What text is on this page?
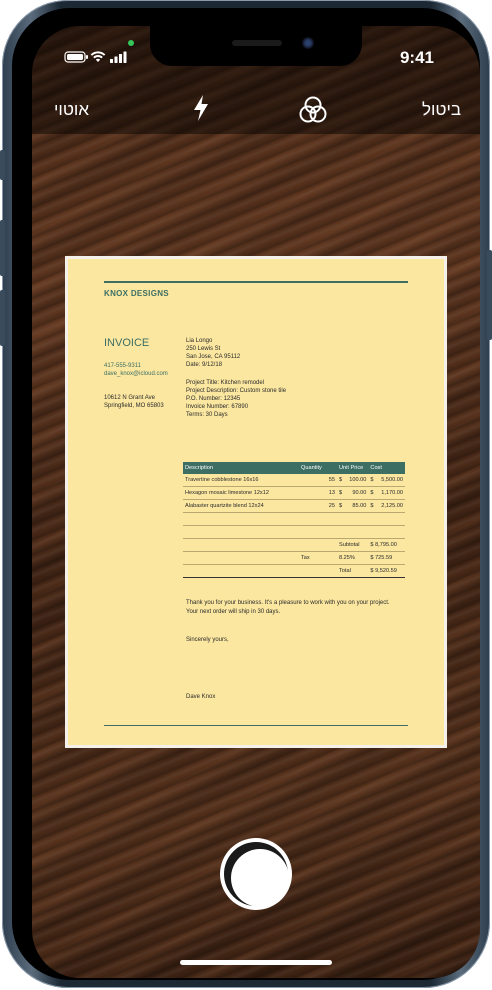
9:41
אוטוי	ביטול
KNOX DESIGNS
INVOICE
417-555-9311
dave_knox@icloud.com
10612 N Grant Ave
Springfield, MO 65803
Lia Longo
250 Lewis St
San Jose, CA 95112
Date: 9/12/18
Project Title: Kitchen remodel
Project Description: Custom stone tile
P.O. Number: 12345
Invoice Number: 67890
Terms: 30 Days
Description	Quantity	Unit Price		Cost	
Travertine cobblestone 16x16	55	$	100.00	$	5,500.00
Hexagon mosaic limestone 12x12	13	$	90.00	$	1,170.00
Alabaster quartzite blend 12x24	25	$	85.00	$	2,125.00

		Subtotal		$ 8,795.00	
	Tax	8.25%		$ 725.59	
		Total		$ 9,520.59	
Thank you for your business. It's a pleasure to work with you on your project.
Your next order will ship in 30 days.
Sincerely yours,
Dave Knox
